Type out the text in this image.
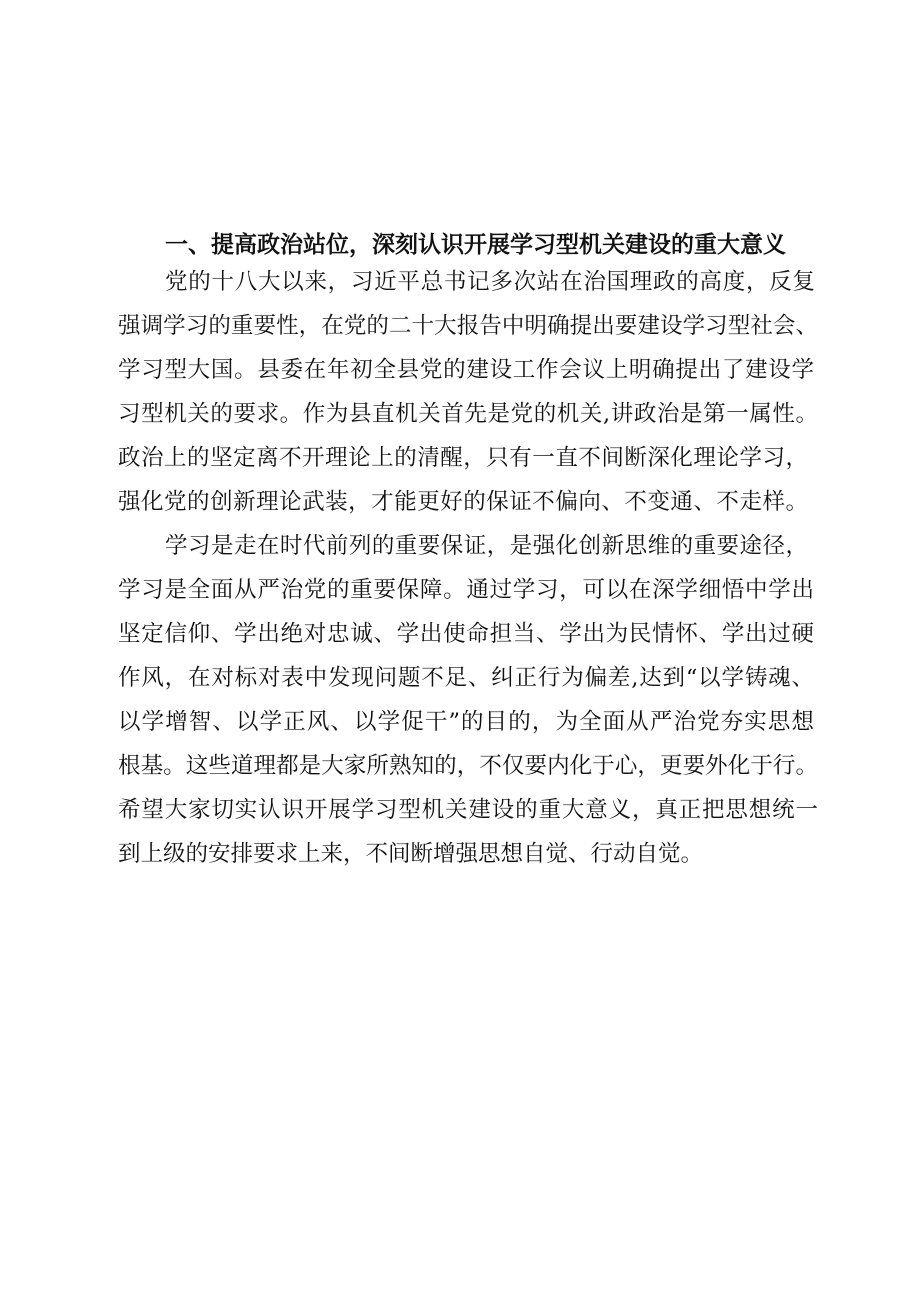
一、提高政治站位，深刻认识开展学习型机关建设的重大意义
党的十八大以来，习近平总书记多次站在治国理政的高度，反复
强调学习的重要性，在党的二十大报告中明确提出要建设学习型社会、
学习型大国。县委在年初全县党的建设工作会议上明确提出了建设学
习型机关的要求。作为县直机关首先是党的机关,讲政治是第一属性。
政治上的坚定离不开理论上的清醒，只有一直不间断深化理论学习，
强化党的创新理论武装，才能更好的保证不偏向、不变通、不走样。
学习是走在时代前列的重要保证，是强化创新思维的重要途径，
学习是全面从严治党的重要保障。通过学习，可以在深学细悟中学出
坚定信仰、学出绝对忠诚、学出使命担当、学出为民情怀、学出过硬
作风，在对标对表中发现问题不足、纠正行为偏差,达到“以学铸魂、
以学增智、以学正风、以学促干”的目的，为全面从严治党夯实思想
根基。这些道理都是大家所熟知的，不仅要内化于心，更要外化于行。
希望大家切实认识开展学习型机关建设的重大意义，真正把思想统一
到上级的安排要求上来，不间断增强思想自觉、行动自觉。
